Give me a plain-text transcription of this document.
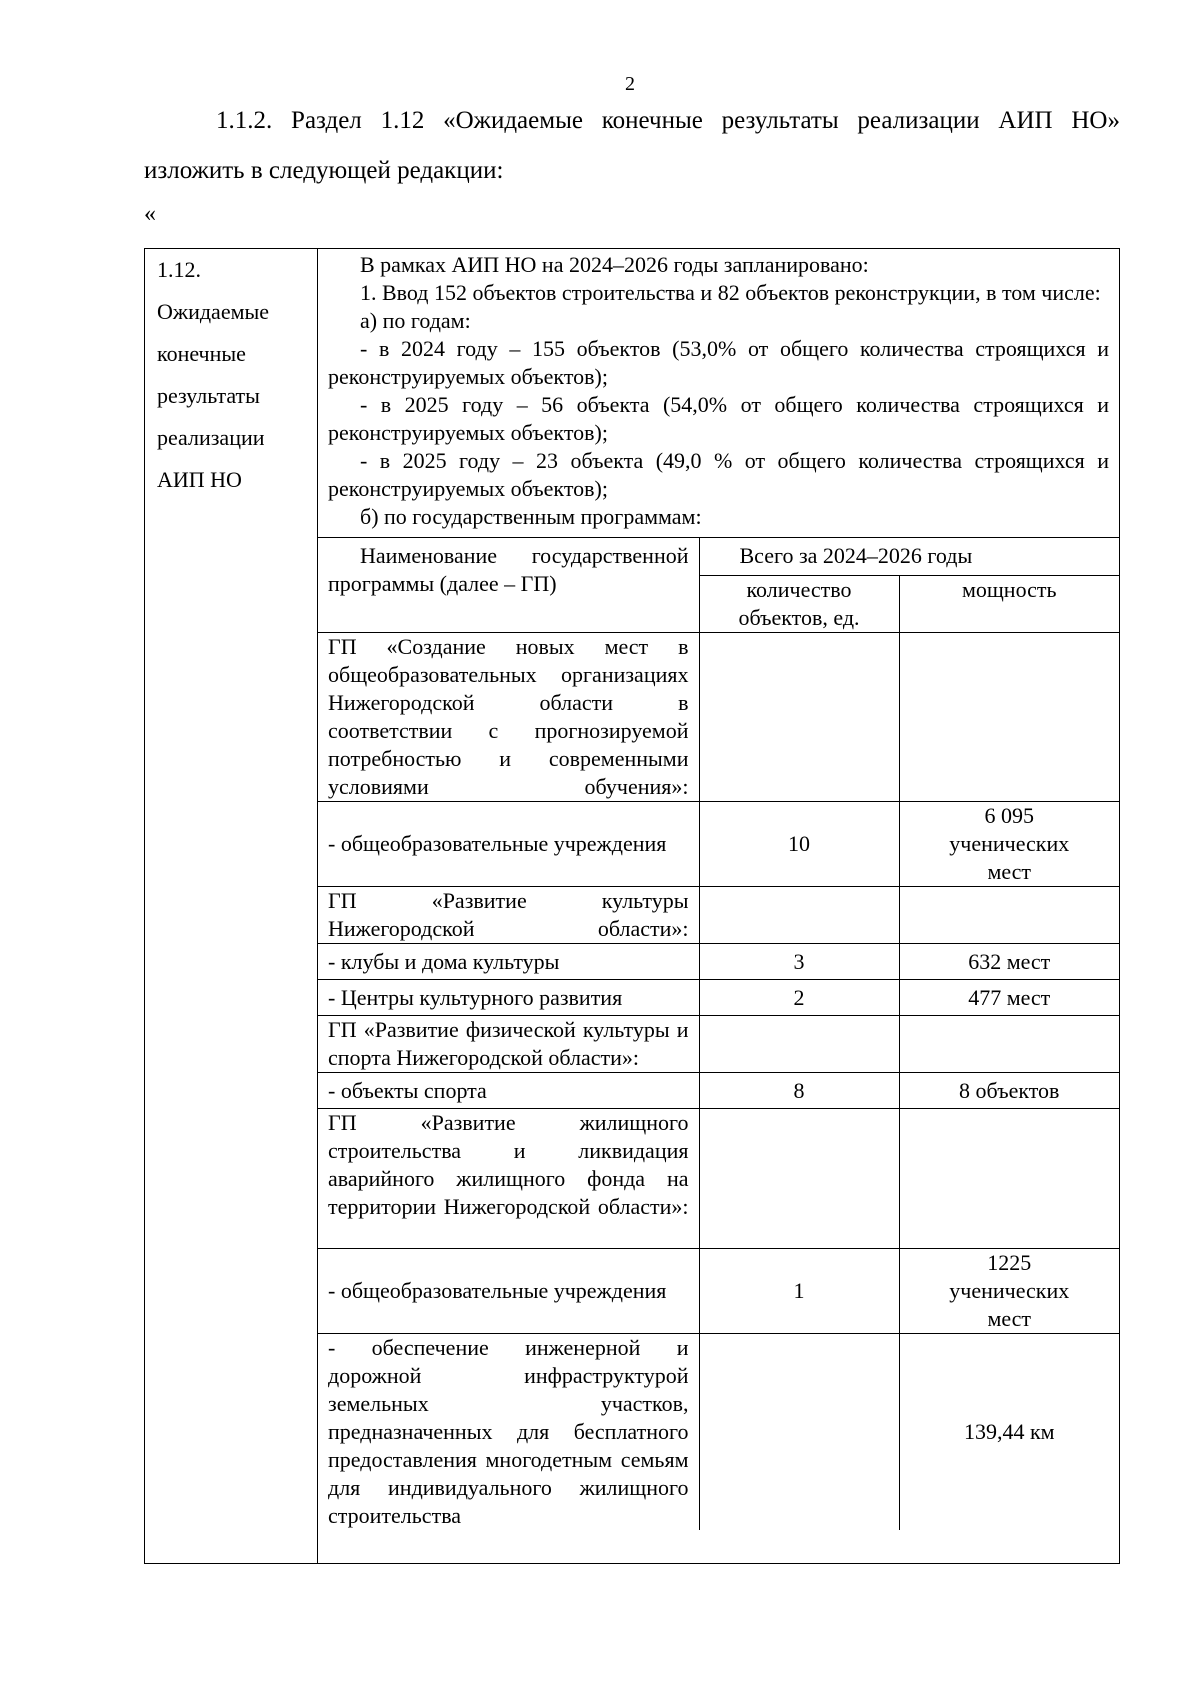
2
1.1.2. Раздел 1.12 «Ожидаемые конечные результаты реализации АИП НО» изложить в следующей редакции:
«
1.12.
Ожидаемые
конечные
результаты
реализации
АИП НО

В рамках АИП НО на 2024–2026 годы запланировано:

1. Ввод 152 объектов строительства и 82 объектов реконструкции, в том числе:

а) по годам:

- в 2024 году – 155 объектов (53,0% от общего количества строящихся и реконструируемых объектов);

- в 2025 году – 56 объекта (54,0% от общего количества строящихся и реконструируемых объектов);

- в 2025 году – 23 объекта (49,0 % от общего количества строящихся и реконструируемых объектов);

б) по государственным программам:

Наименование государственной программы (далее – ГП)	Всего за 2024–2026 годы
количество объектов, ед.	мощность
ГП «Создание новых мест в общеобразовательных организациях Нижегородской области в соответствии с прогнозируемой потребностью и современными условиями обучения»:		
- общеобразовательные учреждения	10	6 095 ученических мест
ГП «Развитие культуры Нижегородской области»:		
- клубы и дома культуры	3	632 мест
- Центры культурного развития	2	477 мест
ГП «Развитие физической культуры и спорта Нижегородской области»:		
- объекты спорта	8	8 объектов
ГП «Развитие жилищного строительства и ликвидация аварийного жилищного фонда на территории Нижегородской области»:		
- общеобразовательные учреждения	1	1225 ученических мест
- обеспечение инженерной и дорожной инфраструктурой земельных участков, предназначенных для бесплатного предоставления многодетным семьям для индивидуального жилищного строительства		139,44 км
